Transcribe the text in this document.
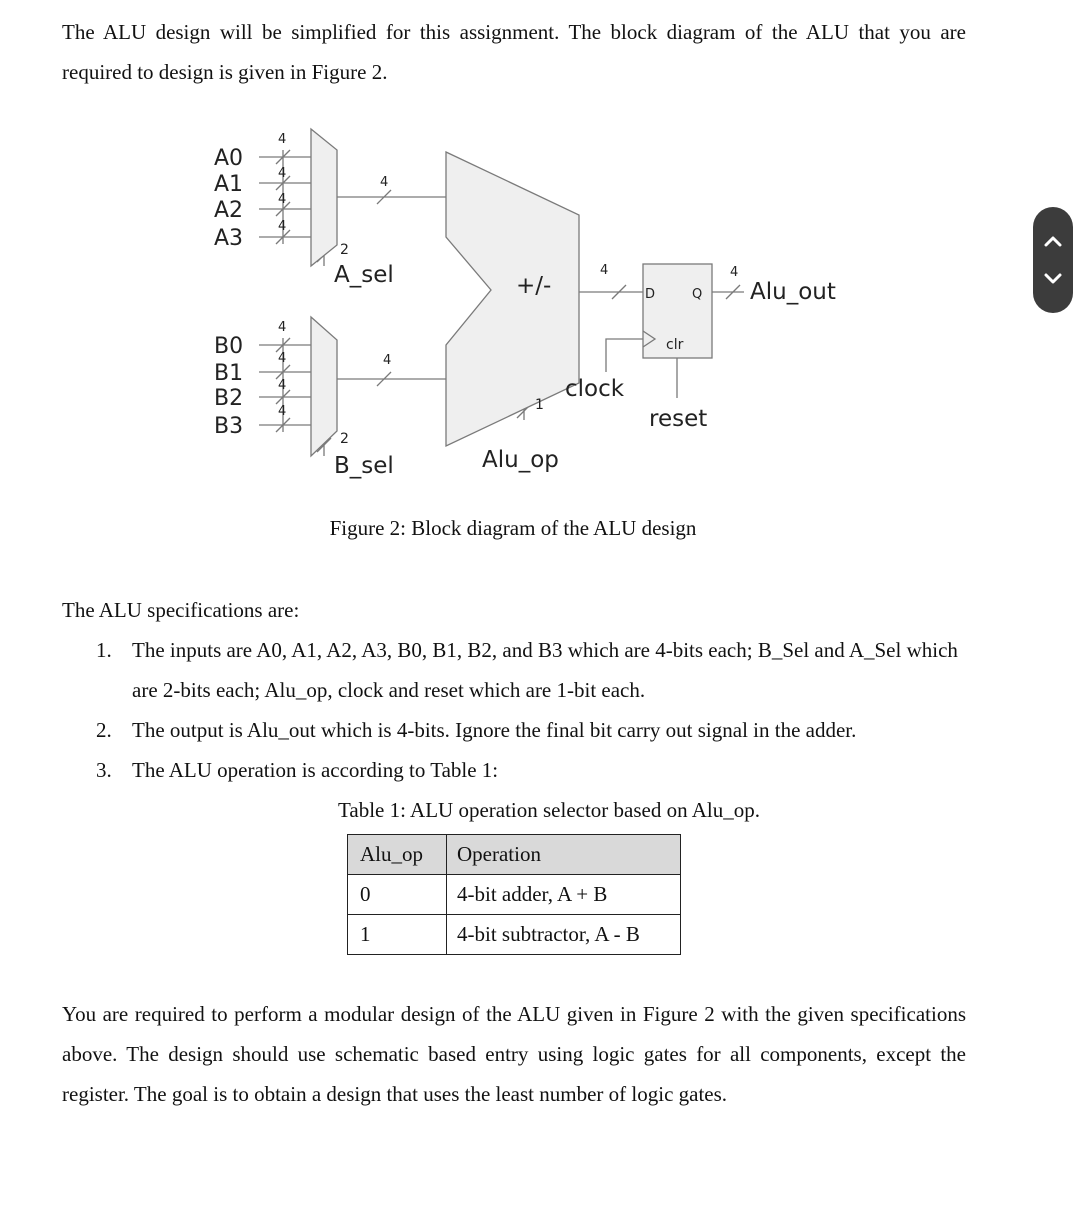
The ALU design will be simplified for this assignment. The block diagram of the ALU that you are required to design is given in Figure 2.

A0
A1
A2
A3
B0
B1
B2
B3
4
4
4
4
4
4
4
4
4
4
4	4
2
2
1
A_sel
B_sel
+/-
Alu_op
D	Q
clr
clock
reset
Alu_out

Figure 2: Block diagram of the ALU design

The ALU specifications are:

1. The inputs are A0, A1, A2, A3, B0, B1, B2, and B3 which are 4-bits each; B_Sel and A_Sel which are 2-bits each; Alu_op, clock and reset which are 1-bit each.
2. The output is Alu_out which is 4-bits. Ignore the final bit carry out signal in the adder.
3. The ALU operation is according to Table 1:

Table 1: ALU operation selector based on Alu_op.

Alu_op	Operation
0	4-bit adder, A + B
1	4-bit subtractor, A - B

You are required to perform a modular design of the ALU given in Figure 2 with the given specifications above. The design should use schematic based entry using logic gates for all components, except the register. The goal is to obtain a design that uses the least number of logic gates.
